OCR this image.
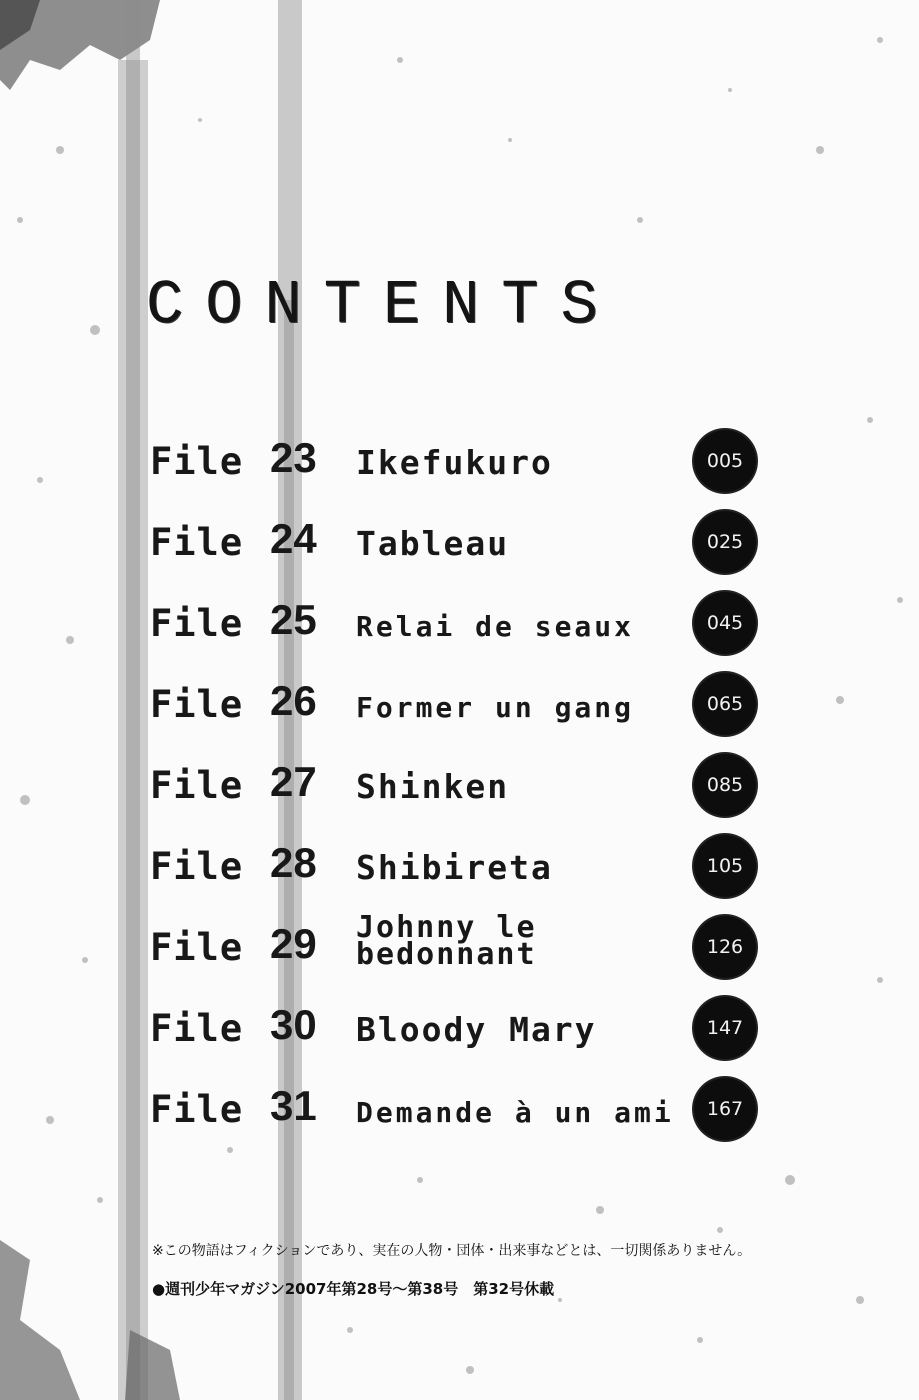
CONTENTS
File 23 Ikefukuro	005
File 24 Tableau	025
File 25 Relai de seaux	045
File 26 Former un gang	065
File 27 Shinken	085
File 28 Shibireta	105
File 29 Johnny le bedonnant	126
File 30 Bloody Mary	147
File 31 Demande à un ami	167
※この物語はフィクションであり、実在の人物・団体・出来事などとは、一切関係ありません。
●週刊少年マガジン2007年第28号〜第38号　第32号休載
